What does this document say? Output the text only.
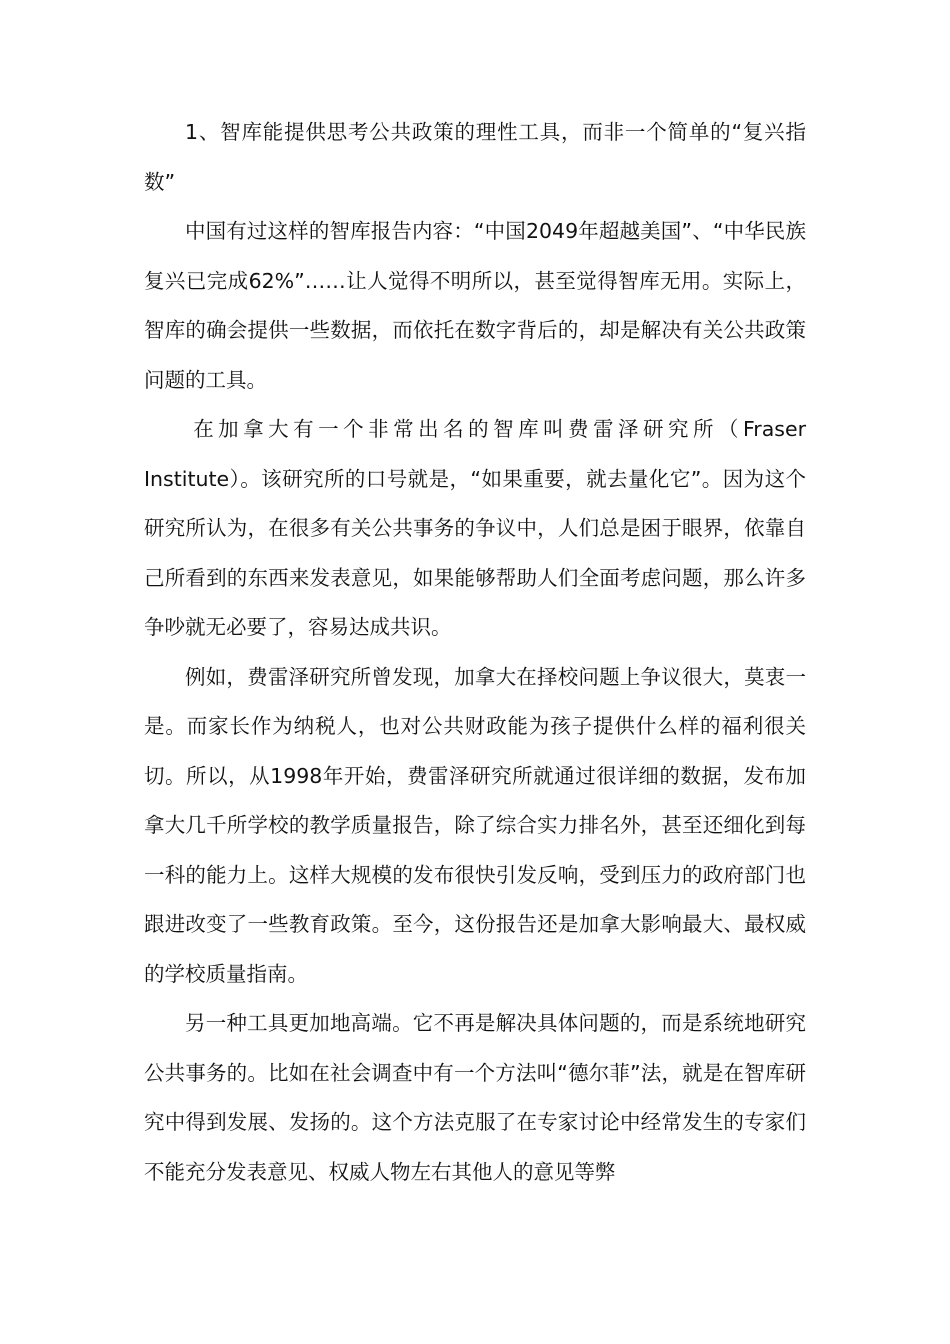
1、智库能提供思考公共政策的理性工具，而非一个简单的“复兴指数”

中国有过这样的智库报告内容：“中国2049年超越美国”、“中华民族复兴已完成62%”……让人觉得不明所以，甚至觉得智库无用。实际上，智库的确会提供一些数据，而依托在数字背后的，却是解决有关公共政策问题的工具。

在加拿大有一个非常出名的智库叫费雷泽研究所（Fraser Institute）。该研究所的口号就是，“如果重要，就去量化它”。因为这个研究所认为，在很多有关公共事务的争议中，人们总是困于眼界，依靠自己所看到的东西来发表意见，如果能够帮助人们全面考虑问题，那么许多争吵就无必要了，容易达成共识。

例如，费雷泽研究所曾发现，加拿大在择校问题上争议很大，莫衷一是。而家长作为纳税人，也对公共财政能为孩子提供什么样的福利很关切。所以，从1998年开始，费雷泽研究所就通过很详细的数据，发布加拿大几千所学校的教学质量报告，除了综合实力排名外，甚至还细化到每一科的能力上。这样大规模的发布很快引发反响，受到压力的政府部门也跟进改变了一些教育政策。至今，这份报告还是加拿大影响最大、最权威的学校质量指南。

另一种工具更加地高端。它不再是解决具体问题的，而是系统地研究公共事务的。比如在社会调查中有一个方法叫“德尔菲”法，就是在智库研究中得到发展、发扬的。这个方法克服了在专家讨论中经常发生的专家们不能充分发表意见、权威人物左右其他人的意见等弊
